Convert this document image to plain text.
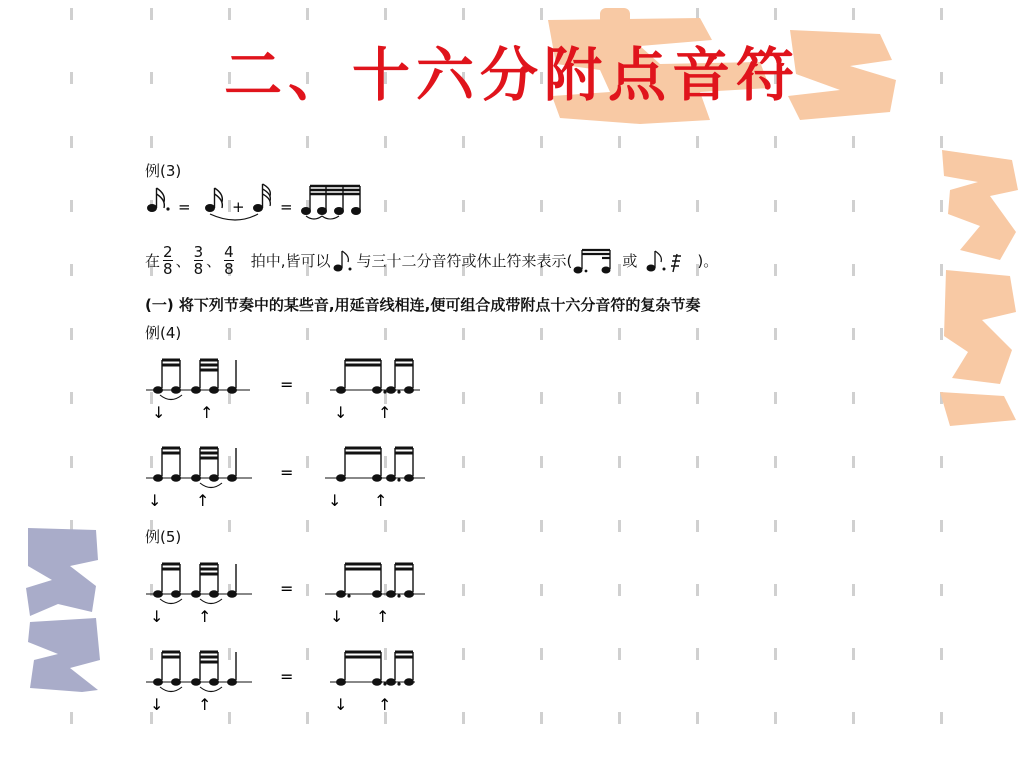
二、十六分附点音符
例(3)
=	+ =
在 $\frac{2}{8}$ 、 $\frac{3}{8}$ 、 $\frac{4}{8}$ 拍中,皆可以 与三十二分音符或休止符来表示(	或	)。
(一) 将下列节奏中的某些音,用延音线相连,便可组合成带附点十六分音符的复杂节奏
例(4)
例(5)
=
↓ ↑	↓ ↑
=
↓ ↑	↓ ↑
=
↓ ↑	↓ ↑
=
↓ ↑	↓ ↑
